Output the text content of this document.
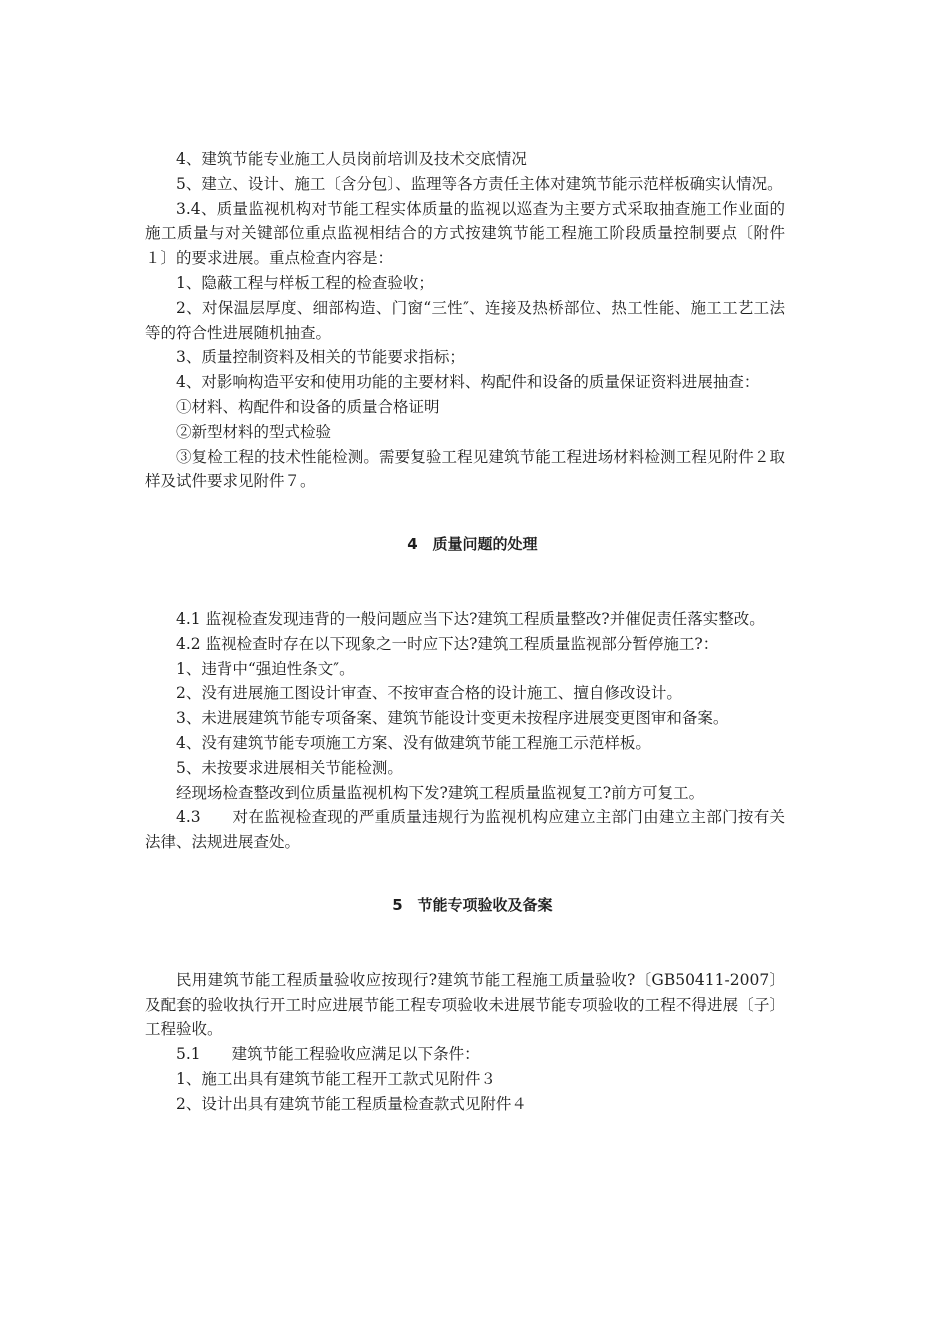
4、建筑节能专业施工人员岗前培训及技术交底情况

5、建立、设计、施工〔含分包〕、监理等各方责任主体对建筑节能示范样板确实认情况。

3.4、质量监视机构对节能工程实体质量的监视以巡查为主要方式采取抽查施工作业面的施工质量与对关键部位重点监视相结合的方式按建筑节能工程施工阶段质量控制要点〔附件１〕的要求进展。重点检查内容是：

1、隐蔽工程与样板工程的检查验收；

2、对保温层厚度、细部构造、门窗“三性″、连接及热桥部位、热工性能、施工工艺工法等的符合性进展随机抽查。

3、质量控制资料及相关的节能要求指标；

4、对影响构造平安和使用功能的主要材料、构配件和设备的质量保证资料进展抽查：

①材料、构配件和设备的质量合格证明

②新型材料的型式检验

③复检工程的技术性能检测。需要复验工程见建筑节能工程进场材料检测工程见附件２取样及试件要求见附件７。

4 质量问题的处理

4.1 监视检查发现违背的一般问题应当下达?建筑工程质量整改?并催促责任落实整改。

4.2 监视检查时存在以下现象之一时应下达?建筑工程质量监视部分暂停施工?：

1、违背中“强迫性条文″。

2、没有进展施工图设计审查、不按审查合格的设计施工、擅自修改设计。

3、未进展建筑节能专项备案、建筑节能设计变更未按程序进展变更图审和备案。

4、没有建筑节能专项施工方案、没有做建筑节能工程施工示范样板。

5、未按要求进展相关节能检测。

经现场检查整改到位质量监视机构下发?建筑工程质量监视复工?前方可复工。

4.3　　对在监视检查现的严重质量违规行为监视机构应建立主部门由建立主部门按有关法律、法规进展查处。

5 节能专项验收及备案

民用建筑节能工程质量验收应按现行?建筑节能工程施工质量验收?〔GB50411-2007〕及配套的验收执行开工时应进展节能工程专项验收未进展节能专项验收的工程不得进展〔子〕工程验收。

5.1　　建筑节能工程验收应满足以下条件：

1、施工出具有建筑节能工程开工款式见附件３

2、设计出具有建筑节能工程质量检查款式见附件４
